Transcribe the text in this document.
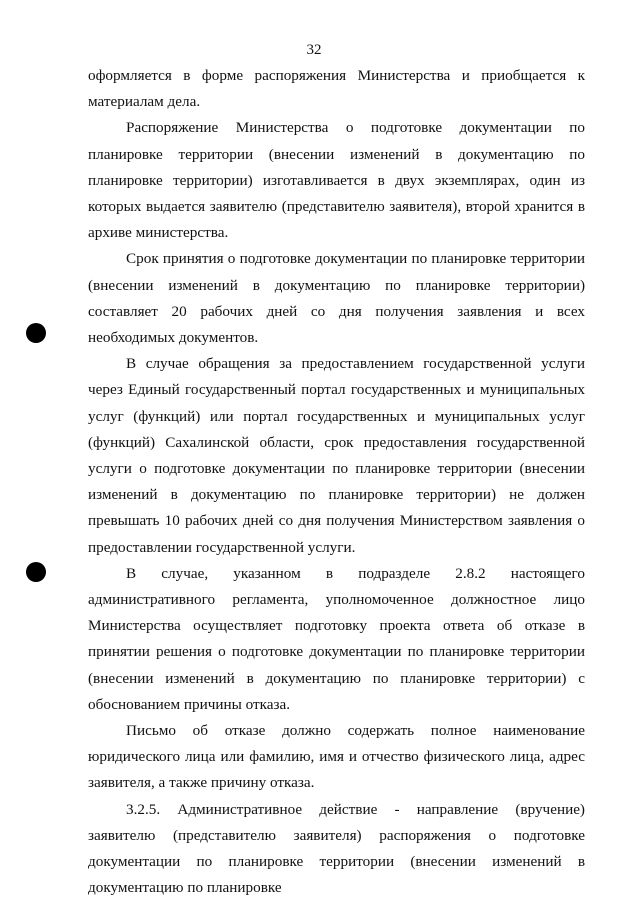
32

оформляется в форме распоряжения Министерства и приобщается к материалам дела.

Распоряжение Министерства о подготовке документации по планировке территории (внесении изменений в документацию по планировке территории) изготавливается в двух экземплярах, один из которых выдается заявителю (представителю заявителя), второй хранится в архиве министерства.

Срок принятия о подготовке документации по планировке территории (внесении изменений в документацию по планировке территории) составляет 20 рабочих дней со дня получения заявления и всех необходимых документов.

В случае обращения за предоставлением государственной услуги через Единый государственный портал государственных и муниципальных услуг (функций) или портал государственных и муниципальных услуг (функций) Сахалинской области, срок предоставления государственной услуги о подготовке документации по планировке территории (внесении изменений в документацию по планировке территории) не должен превышать 10 рабочих дней со дня получения Министерством заявления о предоставлении государственной услуги.

В случае, указанном в подразделе 2.8.2 настоящего административного регламента, уполномоченное должностное лицо Министерства осуществляет подготовку проекта ответа об отказе в принятии решения о подготовке документации по планировке территории (внесении изменений в документацию по планировке территории) с обоснованием причины отказа.

Письмо об отказе должно содержать полное наименование юридического лица или фамилию, имя и отчество физического лица, адрес заявителя, а также причину отказа.

3.2.5. Административное действие - направление (вручение) заявителю (представителю заявителя) распоряжения о подготовке документации по планировке территории (внесении изменений в документацию по планировке
